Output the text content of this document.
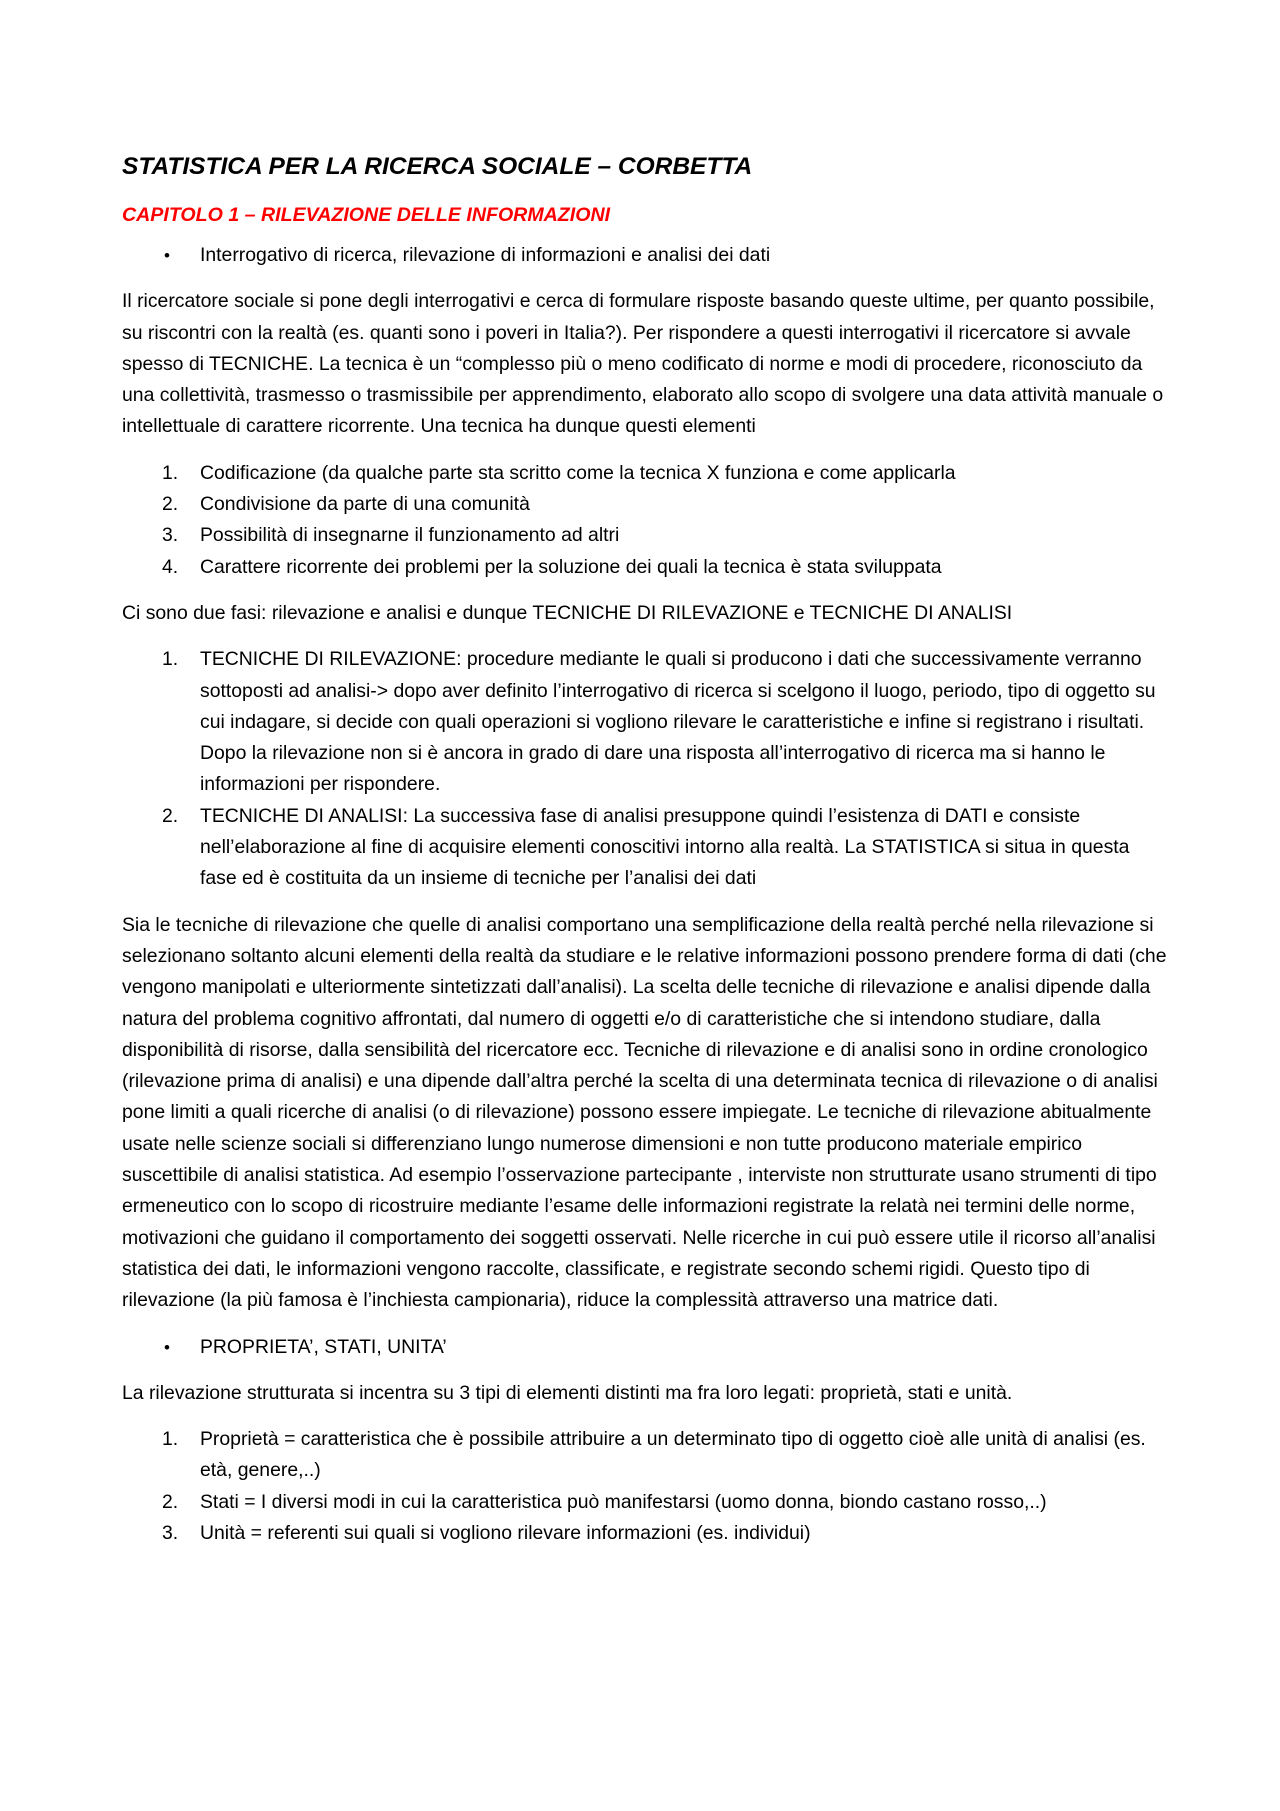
STATISTICA PER LA RICERCA SOCIALE – CORBETTA
CAPITOLO 1 – RILEVAZIONE DELLE INFORMAZIONI
• Interrogativo di ricerca, rilevazione di informazioni e analisi dei dati

Il ricercatore sociale si pone degli interrogativi e cerca di formulare risposte basando queste ultime, per quanto possibile, su riscontri con la realtà (es. quanti sono i poveri in Italia?). Per rispondere a questi interrogativi il ricercatore si avvale spesso di TECNICHE. La tecnica è un “complesso più o meno codificato di norme e modi di procedere, riconosciuto da una collettività, trasmesso o trasmissibile per apprendimento, elaborato allo scopo di svolgere una data attività manuale o intellettuale di carattere ricorrente. Una tecnica ha dunque questi elementi

1. Codificazione (da qualche parte sta scritto come la tecnica X funziona e come applicarla
2. Condivisione da parte di una comunità
3. Possibilità di insegnarne il funzionamento ad altri
4. Carattere ricorrente dei problemi per la soluzione dei quali la tecnica è stata sviluppata

Ci sono due fasi: rilevazione e analisi e dunque TECNICHE DI RILEVAZIONE e TECNICHE DI ANALISI

1. TECNICHE DI RILEVAZIONE: procedure mediante le quali si producono i dati che successivamente verranno sottoposti ad analisi-> dopo aver definito l’interrogativo di ricerca si scelgono il luogo, periodo, tipo di oggetto su cui indagare, si decide con quali operazioni si vogliono rilevare le caratteristiche e infine si registrano i risultati. Dopo la rilevazione non si è ancora in grado di dare una risposta all’interrogativo di ricerca ma si hanno le informazioni per rispondere.
2. TECNICHE DI ANALISI: La successiva fase di analisi presuppone quindi l’esistenza di DATI e consiste nell’elaborazione al fine di acquisire elementi conoscitivi intorno alla realtà. La STATISTICA si situa in questa fase ed è costituita da un insieme di tecniche per l’analisi dei dati

Sia le tecniche di rilevazione che quelle di analisi comportano una semplificazione della realtà perché nella rilevazione si selezionano soltanto alcuni elementi della realtà da studiare e le relative informazioni possono prendere forma di dati (che vengono manipolati e ulteriormente sintetizzati dall’analisi). La scelta delle tecniche di rilevazione e analisi dipende dalla natura del problema cognitivo affrontati, dal numero di oggetti e/o di caratteristiche che si intendono studiare, dalla disponibilità di risorse, dalla sensibilità del ricercatore ecc. Tecniche di rilevazione e di analisi sono in ordine cronologico (rilevazione prima di analisi) e una dipende dall’altra perché la scelta di una determinata tecnica di rilevazione o di analisi pone limiti a quali ricerche di analisi (o di rilevazione) possono essere impiegate. Le tecniche di rilevazione abitualmente usate nelle scienze sociali si differenziano lungo numerose dimensioni e non tutte producono materiale empirico suscettibile di analisi statistica. Ad esempio l’osservazione partecipante , interviste non strutturate usano strumenti di tipo ermeneutico con lo scopo di ricostruire mediante l’esame delle informazioni registrate la relatà nei termini delle norme, motivazioni che guidano il comportamento dei soggetti osservati. Nelle ricerche in cui può essere utile il ricorso all’analisi statistica dei dati, le informazioni vengono raccolte, classificate, e registrate secondo schemi rigidi. Questo tipo di rilevazione (la più famosa è l’inchiesta campionaria), riduce la complessità attraverso una matrice dati.

• PROPRIETA’, STATI, UNITA’

La rilevazione strutturata si incentra su 3 tipi di elementi distinti ma fra loro legati: proprietà, stati e unità.

1. Proprietà = caratteristica che è possibile attribuire a un determinato tipo di oggetto cioè alle unità di analisi (es. età, genere,..)
2. Stati = I diversi modi in cui la caratteristica può manifestarsi (uomo donna, biondo castano rosso,..)
3. Unità = referenti sui quali si vogliono rilevare informazioni (es. individui)
